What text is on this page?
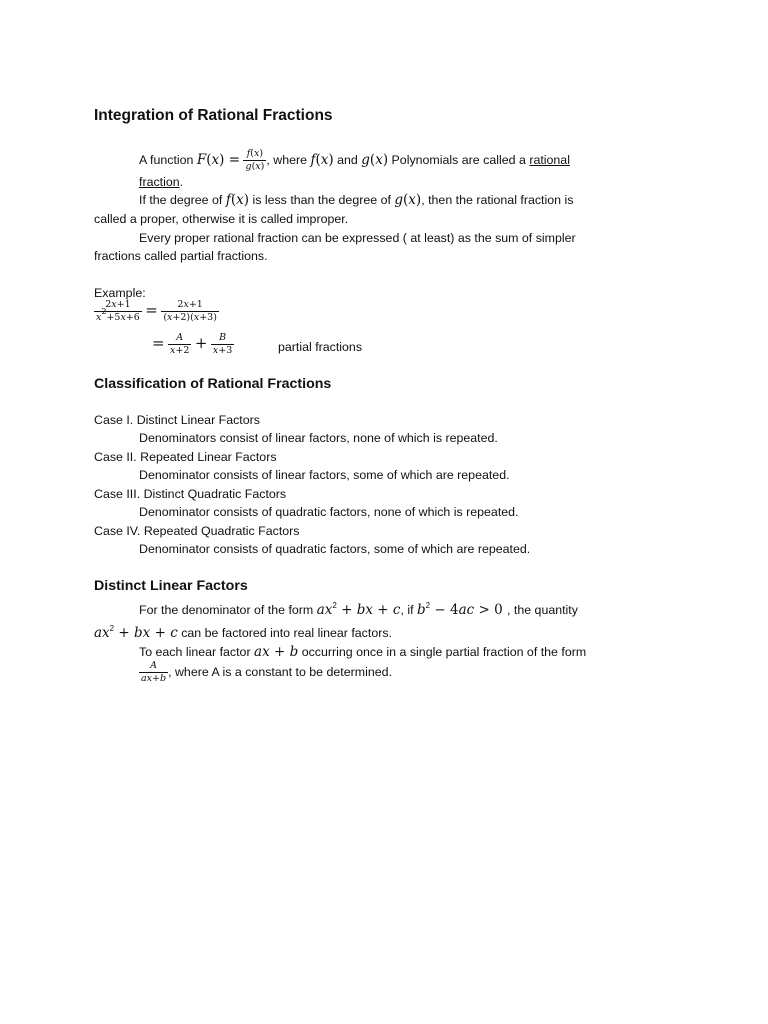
Integration of Rational Fractions
A function $F(x) = \frac{f(x)}{g(x)}$ , where f(x) and g(x) Polynomials are called a rational
fraction.
If the degree of f(x) is less than the degree of g(x), then the rational fraction is
called a proper, otherwise it is called improper.
Every proper rational fraction can be expressed ( at least) as the sum of simpler
fractions called partial fractions.
Example:
$\frac{2x+1}{x^2+5x+6} = \frac{2x+1}{(x+2)(x+3)}$
= $\frac{A}{x+2} + \frac{B}{x+3}$	partial fractions
Classification of Rational Fractions
Case I. Distinct Linear Factors
Denominators consist of linear factors, none of which is repeated.
Case II. Repeated Linear Factors
Denominator consists of linear factors, some of which are repeated.
Case III. Distinct Quadratic Factors
Denominator consists of quadratic factors, none of which is repeated.
Case IV. Repeated Quadratic Factors
Denominator consists of quadratic factors, some of which are repeated.
Distinct Linear Factors
For the denominator of the form $ax^2$ + bx + c, if $b^2 - 4ac > 0$ , the quantity
$ax^2$ + bx + c can be factored into real linear factors.
To each linear factor ax + b occurring once in a single partial fraction of the form
$\frac{A}{ax+b}$ , where A is a constant to be determined.
